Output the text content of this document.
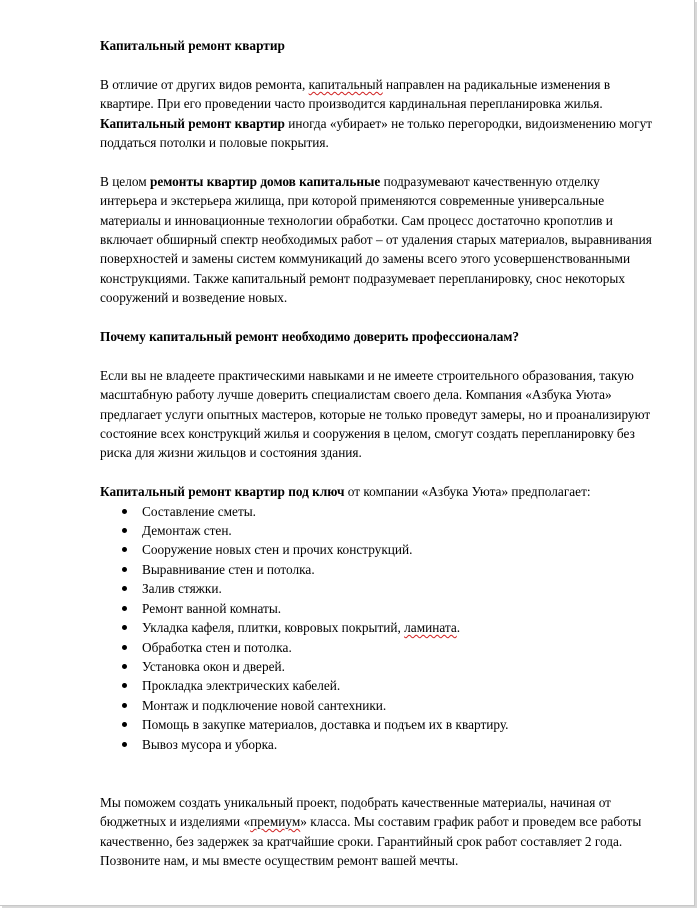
Капитальный ремонт квартир

В отличие от других видов ремонта, капитальный направлен на радикальные изменения в квартире. При его проведении часто производится кардинальная перепланировка жилья. Капитальный ремонт квартир иногда «убирает» не только перегородки, видоизменению могут поддаться потолки и половые покрытия.

В целом ремонты квартир домов капитальные подразумевают качественную отделку интерьера и экстерьера жилища, при которой применяются современные универсальные материалы и инновационные технологии обработки. Сам процесс достаточно кропотлив и включает обширный спектр необходимых работ – от удаления старых материалов, выравнивания поверхностей и замены систем коммуникаций до замены всего этого усовершенствованными конструкциями. Также капитальный ремонт подразумевает перепланировку, снос некоторых сооружений и возведение новых.

Почему капитальный ремонт необходимо доверить профессионалам?

Если вы не владеете практическими навыками и не имеете строительного образования, такую масштабную работу лучше доверить специалистам своего дела. Компания «Азбука Уюта» предлагает услуги опытных мастеров, которые не только проведут замеры, но и проанализируют состояние всех конструкций жилья и сооружения в целом, смогут создать перепланировку без риска для жизни жильцов и состояния здания.

Капитальный ремонт квартир под ключ от компании «Азбука Уюта» предполагает:

Составление сметы.
Демонтаж стен.
Сооружение новых стен и прочих конструкций.
Выравнивание стен и потолка.
Залив стяжки.
Ремонт ванной комнаты.
Укладка кафеля, плитки, ковровых покрытий, ламината.
Обработка стен и потолка.
Установка окон и дверей.
Прокладка электрических кабелей.
Монтаж и подключение новой сантехники.
Помощь в закупке материалов, доставка и подъем их в квартиру.
Вывоз мусора и уборка.

Мы поможем создать уникальный проект, подобрать качественные материалы, начиная от бюджетных и изделиями «премиум» класса. Мы составим график работ и проведем все работы качественно, без задержек за кратчайшие сроки. Гарантийный срок работ составляет 2 года. Позвоните нам, и мы вместе осуществим ремонт вашей мечты.
